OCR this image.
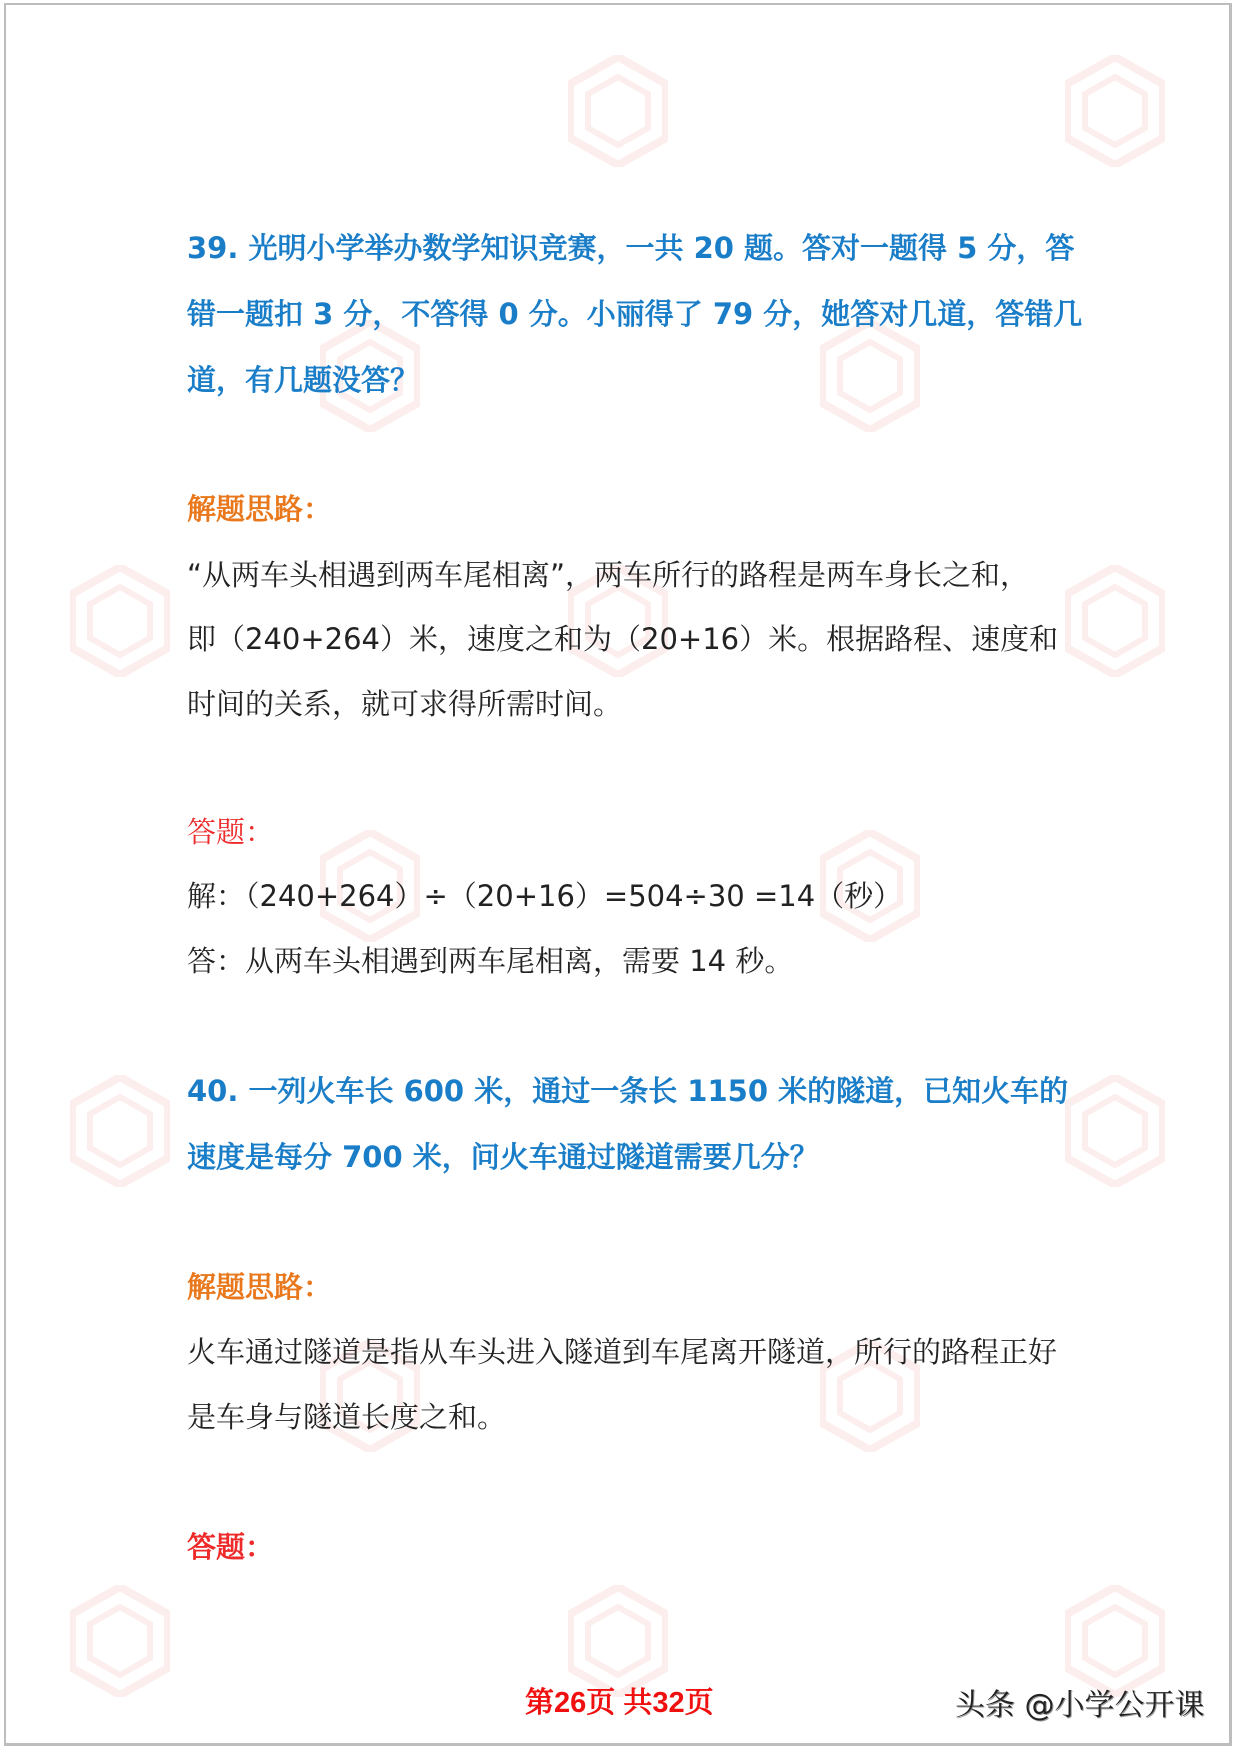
39. 光明小学举办数学知识竞赛，一共 20 题。答对一题得 5 分，答
错一题扣 3 分，不答得 0 分。小丽得了 79 分，她答对几道，答错几
道，有几题没答？
解题思路：
“从两车头相遇到两车尾相离”，两车所行的路程是两车身长之和，
即（240+264）米，速度之和为（20+16）米。根据路程、速度和
时间的关系，就可求得所需时间。
答题：
解：（240+264）÷（20+16）=504÷30 =14（秒）
答：从两车头相遇到两车尾相离，需要 14 秒。
40. 一列火车长 600 米，通过一条长 1150 米的隧道，已知火车的
速度是每分 700 米，问火车通过隧道需要几分？
解题思路：
火车通过隧道是指从车头进入隧道到车尾离开隧道，所行的路程正好
是车身与隧道长度之和。
答题：
第26页 共32页	头条 @小学公开课
